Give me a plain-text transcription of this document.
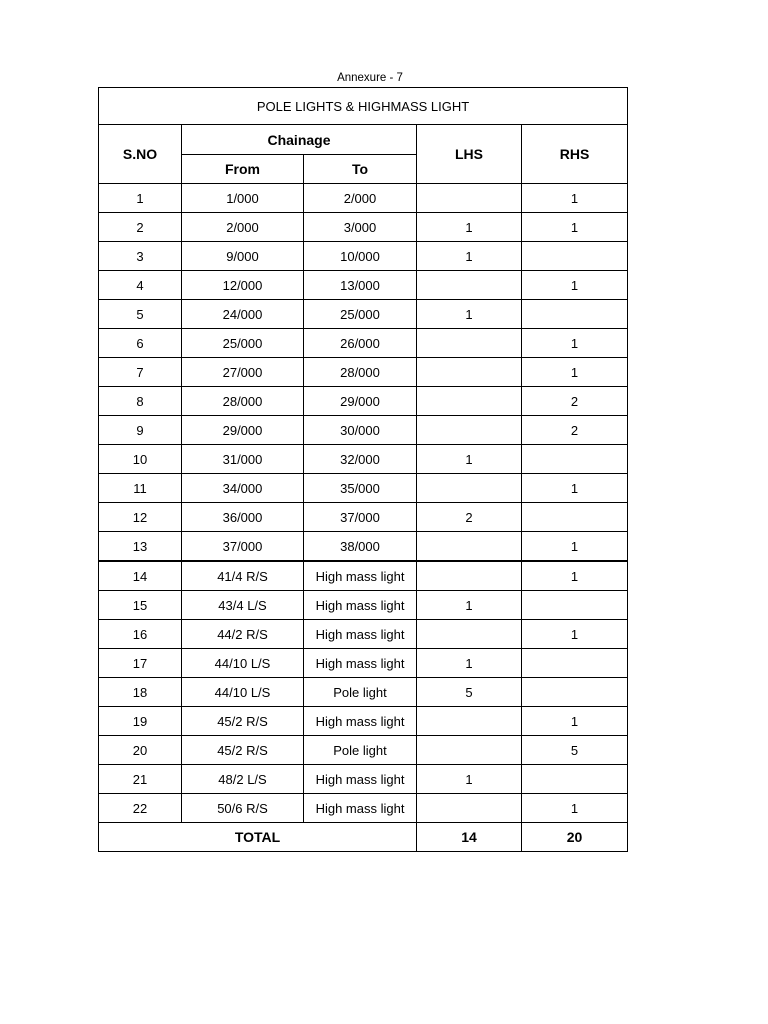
Annexure - 7
POLE LIGHTS & HIGHMASS LIGHT				
S.NO	Chainage		LHS	RHS
	From	To		
1	1/000	2/000		1
2	2/000	3/000	1	1
3	9/000	10/000	1	
4	12/000	13/000		1
5	24/000	25/000	1	
6	25/000	26/000		1
7	27/000	28/000		1
8	28/000	29/000		2
9	29/000	30/000		2
10	31/000	32/000	1	
11	34/000	35/000		1
12	36/000	37/000	2	
13	37/000	38/000		1
14	41/4 R/S	High mass light		1
15	43/4 L/S	High mass light	1	
16	44/2 R/S	High mass light		1
17	44/10 L/S	High mass light	1	
18	44/10 L/S	Pole light	5	
19	45/2 R/S	High mass light		1
20	45/2 R/S	Pole light		5
21	48/2 L/S	High mass light	1	
22	50/6 R/S	High mass light		1
TOTAL			14	20
